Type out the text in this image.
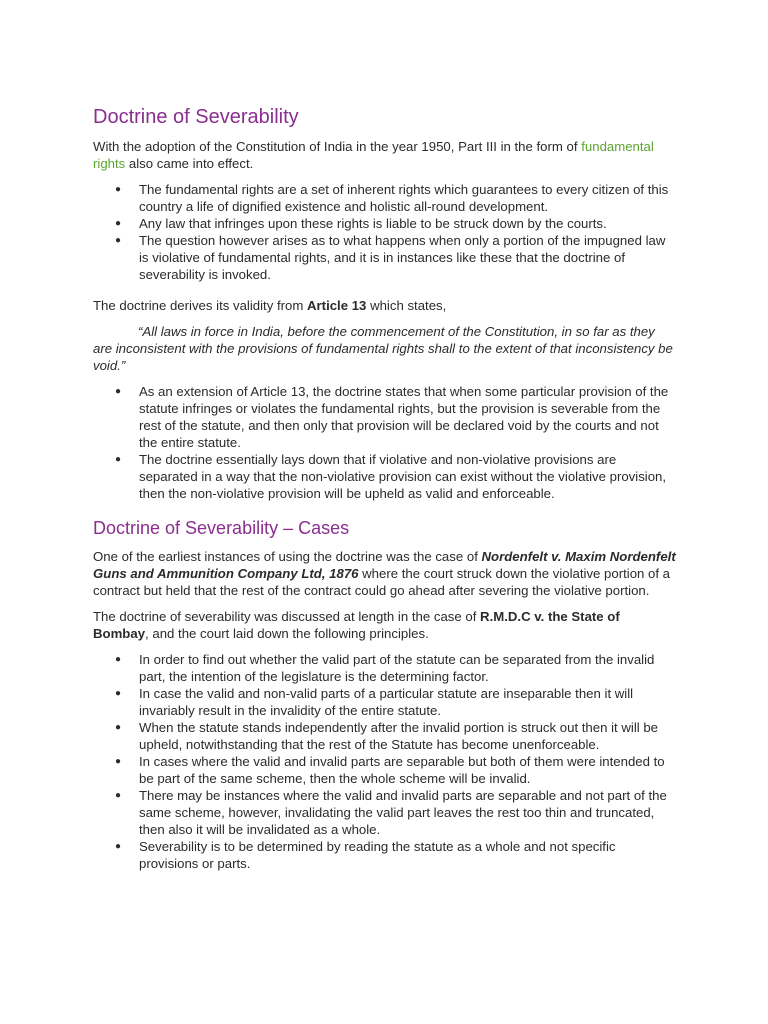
Doctrine of Severability

With the adoption of the Constitution of India in the year 1950, Part III in the form of fundamental rights also came into effect.

● The fundamental rights are a set of inherent rights which guarantees to every citizen of this country a life of dignified existence and holistic all-round development.
● Any law that infringes upon these rights is liable to be struck down by the courts.
● The question however arises as to what happens when only a portion of the impugned law is violative of fundamental rights, and it is in instances like these that the doctrine of severability is invoked.

The doctrine derives its validity from Article 13 which states,

“All laws in force in India, before the commencement of the Constitution, in so far as they are inconsistent with the provisions of fundamental rights shall to the extent of that inconsistency be void.”

● As an extension of Article 13, the doctrine states that when some particular provision of the statute infringes or violates the fundamental rights, but the provision is severable from the rest of the statute, and then only that provision will be declared void by the courts and not the entire statute.
● The doctrine essentially lays down that if violative and non-violative provisions are separated in a way that the non-violative provision can exist without the violative provision, then the non-violative provision will be upheld as valid and enforceable.
Doctrine of Severability – Cases

One of the earliest instances of using the doctrine was the case of Nordenfelt v. Maxim Nordenfelt Guns and Ammunition Company Ltd, 1876 where the court struck down the violative portion of a contract but held that the rest of the contract could go ahead after severing the violative portion.

The doctrine of severability was discussed at length in the case of R.M.D.C v. the State of Bombay, and the court laid down the following principles.

● In order to find out whether the valid part of the statute can be separated from the invalid part, the intention of the legislature is the determining factor.
● In case the valid and non-valid parts of a particular statute are inseparable then it will invariably result in the invalidity of the entire statute.
● When the statute stands independently after the invalid portion is struck out then it will be upheld, notwithstanding that the rest of the Statute has become unenforceable.
● In cases where the valid and invalid parts are separable but both of them were intended to be part of the same scheme, then the whole scheme will be invalid.
● There may be instances where the valid and invalid parts are separable and not part of the same scheme, however, invalidating the valid part leaves the rest too thin and truncated, then also it will be invalidated as a whole.
● Severability is to be determined by reading the statute as a whole and not specific provisions or parts.
